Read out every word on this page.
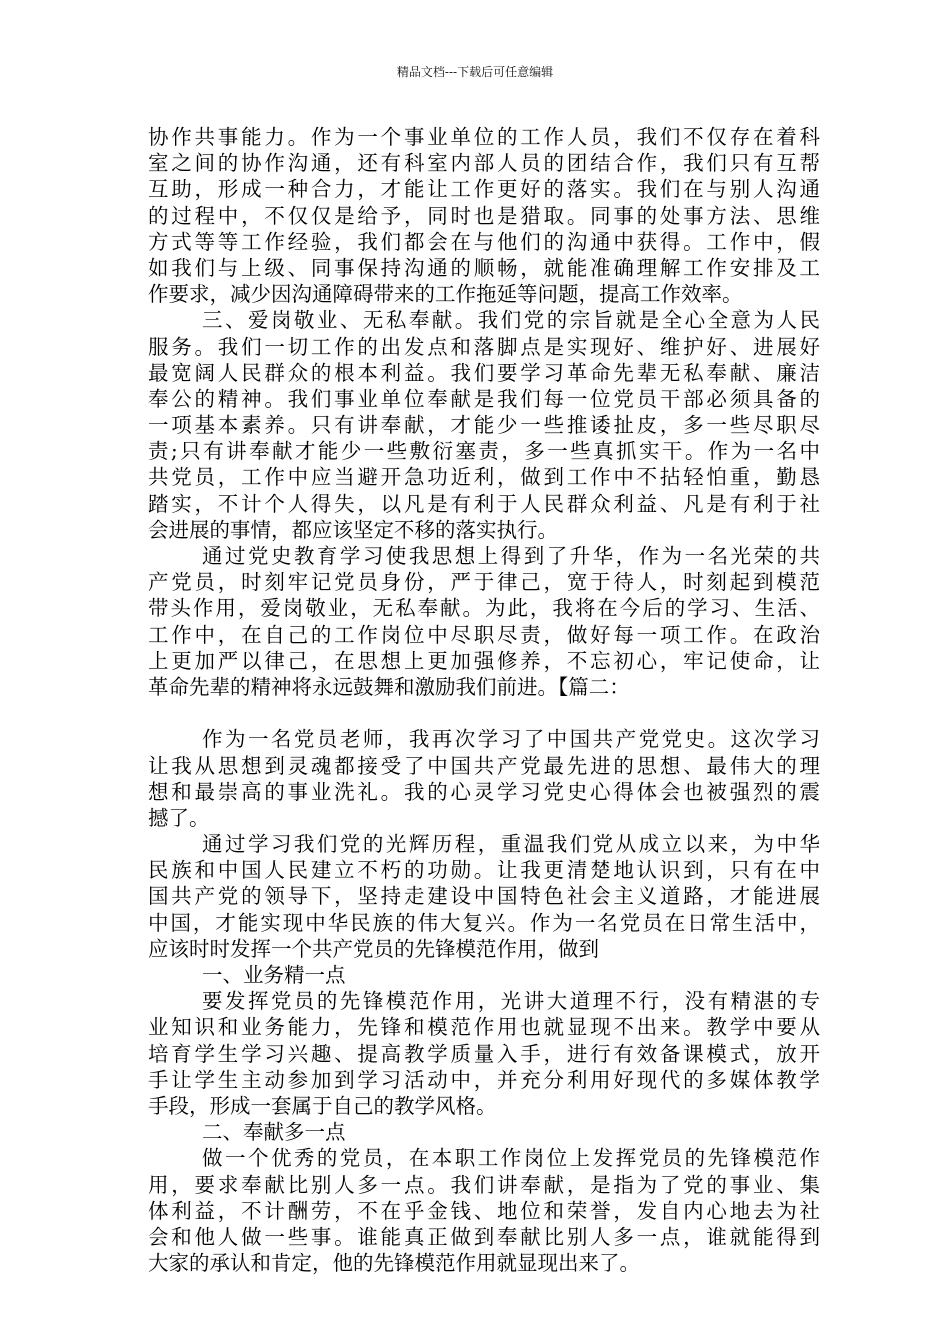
精品文档---下载后可任意编辑
协作共事能力。作为一个事业单位的工作人员，我们不仅存在着科
室之间的协作沟通，还有科室内部人员的团结合作，我们只有互帮
互助，形成一种合力，才能让工作更好的落实。我们在与别人沟通
的过程中，不仅仅是给予，同时也是猎取。同事的处事方法、思维
方式等等工作经验，我们都会在与他们的沟通中获得。工作中，假
如我们与上级、同事保持沟通的顺畅，就能准确理解工作安排及工
作要求，减少因沟通障碍带来的工作拖延等问题，提高工作效率。
三、爱岗敬业、无私奉献。我们党的宗旨就是全心全意为人民
服务。我们一切工作的出发点和落脚点是实现好、维护好、进展好
最宽阔人民群众的根本利益。我们要学习革命先辈无私奉献、廉洁
奉公的精神。我们事业单位奉献是我们每一位党员干部必须具备的
一项基本素养。只有讲奉献，才能少一些推诿扯皮，多一些尽职尽
责;只有讲奉献才能少一些敷衍塞责，多一些真抓实干。作为一名中
共党员，工作中应当避开急功近利，做到工作中不拈轻怕重，勤恳
踏实，不计个人得失，以凡是有利于人民群众利益、凡是有利于社
会进展的事情，都应该坚定不移的落实执行。
通过党史教育学习使我思想上得到了升华，作为一名光荣的共
产党员，时刻牢记党员身份，严于律己，宽于待人，时刻起到模范
带头作用，爱岗敬业，无私奉献。为此，我将在今后的学习、生活、
工作中，在自己的工作岗位中尽职尽责，做好每一项工作。在政治
上更加严以律己，在思想上更加强修养，不忘初心，牢记使命，让
革命先辈的精神将永远鼓舞和激励我们前进。【篇二：
作为一名党员老师，我再次学习了中国共产党党史。这次学习
让我从思想到灵魂都接受了中国共产党最先进的思想、最伟大的理
想和最崇高的事业洗礼。我的心灵学习党史心得体会也被强烈的震
撼了。
通过学习我们党的光辉历程，重温我们党从成立以来，为中华
民族和中国人民建立不朽的功勋。让我更清楚地认识到，只有在中
国共产党的领导下，坚持走建设中国特色社会主义道路，才能进展
中国，才能实现中华民族的伟大复兴。作为一名党员在日常生活中，
应该时时发挥一个共产党员的先锋模范作用，做到
一、业务精一点
要发挥党员的先锋模范作用，光讲大道理不行，没有精湛的专
业知识和业务能力，先锋和模范作用也就显现不出来。教学中要从
培育学生学习兴趣、提高教学质量入手，进行有效备课模式，放开
手让学生主动参加到学习活动中，并充分利用好现代的多媒体教学
手段，形成一套属于自己的教学风格。
二、奉献多一点
做一个优秀的党员，在本职工作岗位上发挥党员的先锋模范作
用，要求奉献比别人多一点。我们讲奉献，是指为了党的事业、集
体利益，不计酬劳，不在乎金钱、地位和荣誉，发自内心地去为社
会和他人做一些事。谁能真正做到奉献比别人多一点，谁就能得到
大家的承认和肯定，他的先锋模范作用就显现出来了。
